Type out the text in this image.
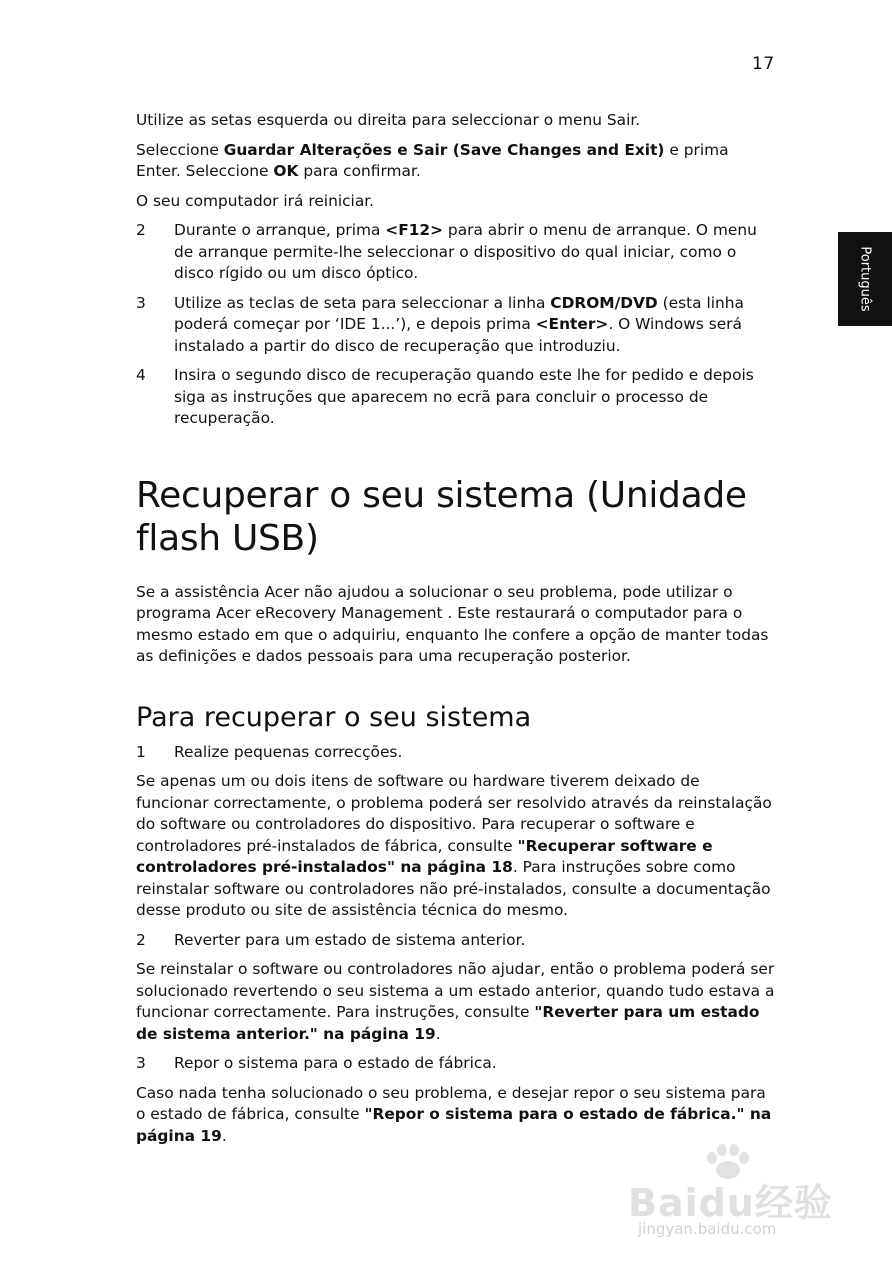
17
Português

Utilize as setas esquerda ou direita para seleccionar o menu Sair.

Seleccione Guardar Alterações e Sair (Save Changes and Exit) e prima Enter. Seleccione OK para confirmar.

O seu computador irá reiniciar.

2	Durante o arranque, prima <F12> para abrir o menu de arranque. O menu de arranque permite-lhe seleccionar o dispositivo do qual iniciar, como o disco rígido ou um disco óptico.
3	Utilize as teclas de seta para seleccionar a linha CDROM/DVD (esta linha poderá começar por ‘IDE 1...’), e depois prima <Enter>. O Windows será instalado a partir do disco de recuperação que introduziu.
4	Insira o segundo disco de recuperação quando este lhe for pedido e depois siga as instruções que aparecem no ecrã para concluir o processo de recuperação.
Recuperar o seu sistema (Unidade flash USB)

Se a assistência Acer não ajudou a solucionar o seu problema, pode utilizar o programa Acer eRecovery Management . Este restaurará o computador para o mesmo estado em que o adquiriu, enquanto lhe confere a opção de manter todas as definições e dados pessoais para uma recuperação posterior.

Para recuperar o seu sistema
1	Realize pequenas correcções.

Se apenas um ou dois itens de software ou hardware tiverem deixado de funcionar correctamente, o problema poderá ser resolvido através da reinstalação do software ou controladores do dispositivo. Para recuperar o software e controladores pré-instalados de fábrica, consulte "Recuperar software e controladores pré-instalados" na página 18. Para instruções sobre como reinstalar software ou controladores não pré-instalados, consulte a documentação desse produto ou site de assistência técnica do mesmo.

2	Reverter para um estado de sistema anterior.

Se reinstalar o software ou controladores não ajudar, então o problema poderá ser solucionado revertendo o seu sistema a um estado anterior, quando tudo estava a funcionar correctamente. Para instruções, consulte "Reverter para um estado de sistema anterior." na página 19.

3	Repor o sistema para o estado de fábrica.

Caso nada tenha solucionado o seu problema, e desejar repor o seu sistema para o estado de fábrica, consulte "Repor o sistema para o estado de fábrica." na página 19.

Baidu经验
jingyan.baidu.com
